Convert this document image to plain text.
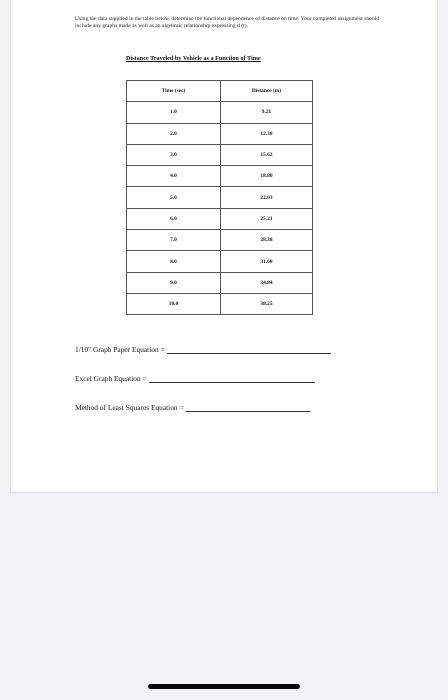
Using the data supplied in the table below, determine the functional dependence of distance on time. Your completed assignment should include any graphs made as well as an algebraic relationship expressing d (t).
Distance Traveled by Vehicle as a Function of Time
Time (sec)	Distance (m)
1.0	9.21
2.0	12.38
3.0	15.62
4.0	18.80
5.0	22.03
6.0	25.21
7.0	28.38
8.0	31.60
9.0	34.84
10.0	38.25
1/10" Graph Paper Equation =
Excel Graph Equation =
Method of Least Squares Equation =
